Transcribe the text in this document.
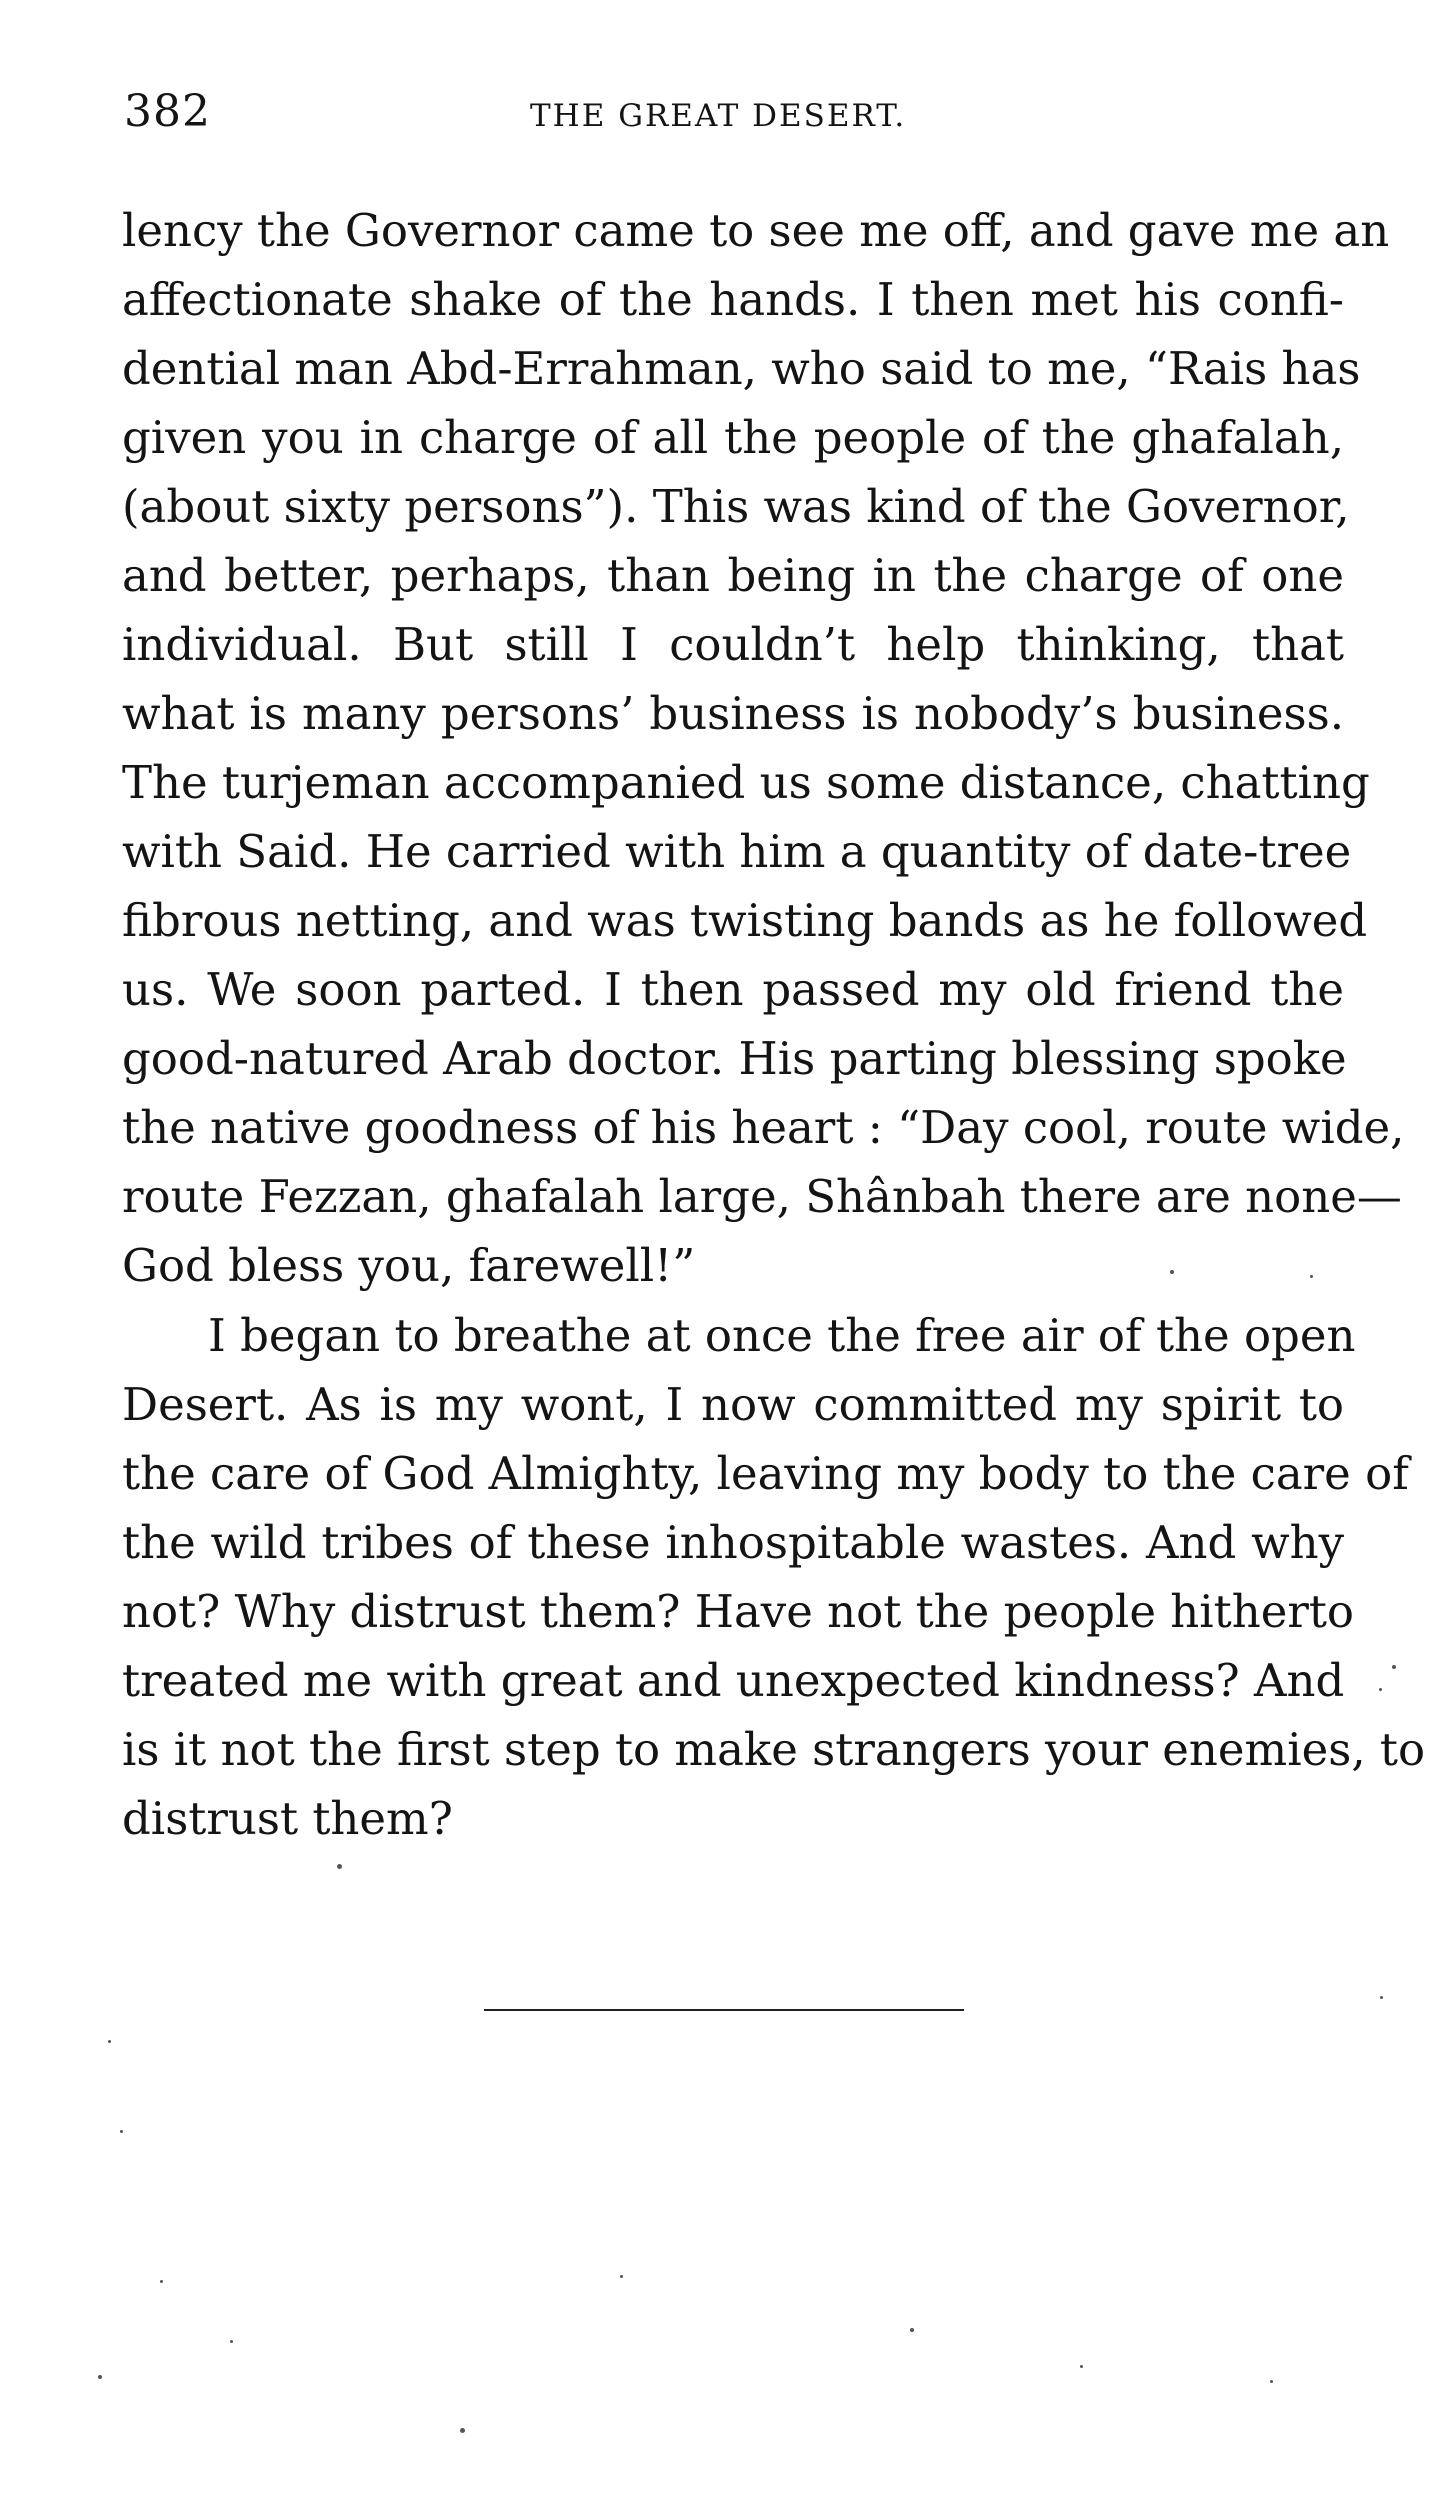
382	THE GREAT DESERT.
lency the Governor came to see me off, and gave me an
affectionate shake of the hands. I then met his confi-
dential man Abd-Errahman, who said to me, “Rais has
given you in charge of all the people of the ghafalah,
(about sixty persons”). This was kind of the Governor,
and better, perhaps, than being in the charge of one
individual. But still I couldn’t help thinking, that
what is many persons’ business is nobody’s business.
The turjeman accompanied us some distance, chatting
with Said. He carried with him a quantity of date-tree
fibrous netting, and was twisting bands as he followed
us. We soon parted. I then passed my old friend the
good-natured Arab doctor. His parting blessing spoke
the native goodness of his heart : “Day cool, route wide,
route Fezzan, ghafalah large, Shânbah there are none—
God bless you, farewell!”
I began to breathe at once the free air of the open
Desert. As is my wont, I now committed my spirit to
the care of God Almighty, leaving my body to the care of
the wild tribes of these inhospitable wastes. And why
not? Why distrust them? Have not the people hitherto
treated me with great and unexpected kindness? And
is it not the first step to make strangers your enemies, to
distrust them?
